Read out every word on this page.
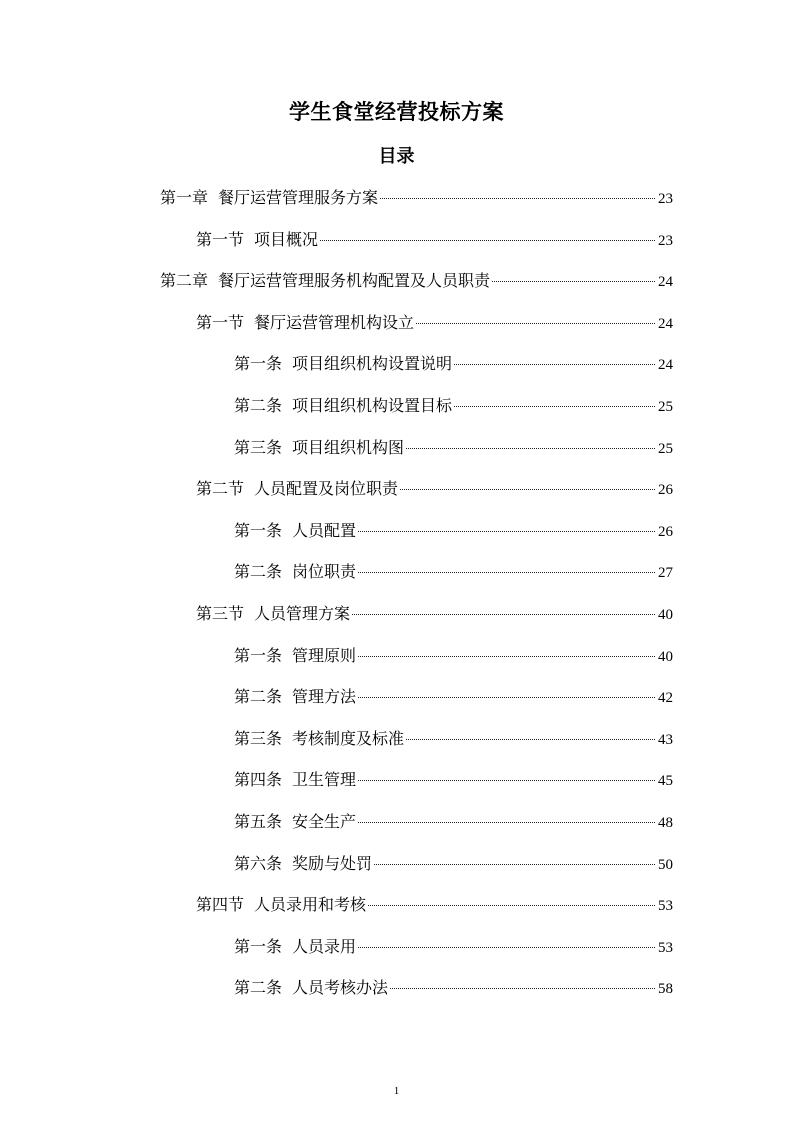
学生食堂经营投标方案
目录
第一章 餐厅运营管理服务方案	23
第一节 项目概况	23
第二章 餐厅运营管理服务机构配置及人员职责	24
第一节 餐厅运营管理机构设立	24
第一条 项目组织机构设置说明	24
第二条 项目组织机构设置目标	25
第三条 项目组织机构图	25
第二节 人员配置及岗位职责	26
第一条 人员配置	26
第二条 岗位职责	27
第三节 人员管理方案	40
第一条 管理原则	40
第二条 管理方法	42
第三条 考核制度及标准	43
第四条 卫生管理	45
第五条 安全生产	48
第六条 奖励与处罚	50
第四节 人员录用和考核	53
第一条 人员录用	53
第二条 人员考核办法	58
1
